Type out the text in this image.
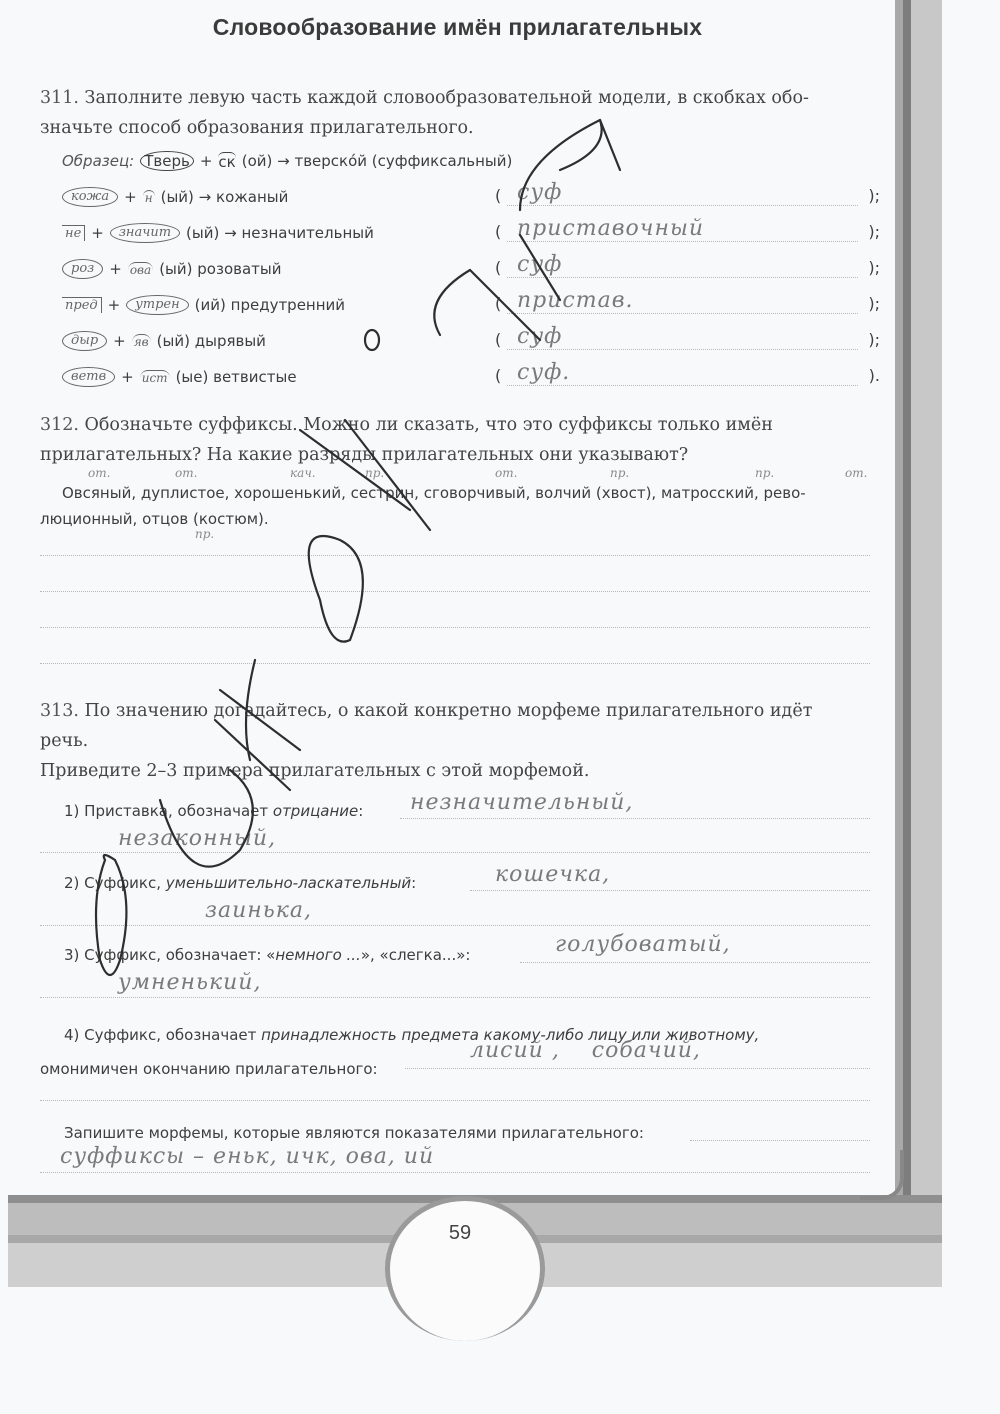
59
Словообразование имён прилагательных
311. Заполните левую часть каждой словообразовательной модели, в скобках обо-
значьте способ образования прилагательного.
Образец: Тверь + ск (ой) → тверско́й (суффиксальный)
кожа	+ н (ый) → кожаный	( суф	);
не +	значит	(ый) → незначительный	( приставочный	);
роз	+ ова (ый) розоватый	( суф	);
пред +	утрен	(ий) предутренний	( пристав.	);
дыр	+ яв (ый) дырявый	( суф	);
ветв	+ ист (ые) ветвистые	( суф.	).
312. Обозначьте суффиксы. Можно ли сказать, что это суффиксы только имён
прилагательных? На какие разряды прилагательных они указывают?
от.	от.	кач.	пр.	от.	пр.	пр.	от.
Овсяный, дуплистое, хорошенький, сестрин, сговорчивый, волчий (хвост), матросский, рево-
люционный, отцов (костюм).
пр.
313. По значению догадайтесь, о какой конкретно морфеме прилагательного идёт
речь.
Приведите 2–3 примера прилагательных с этой морфемой.
1) Приставка, обозначает отрицание: незначительный,
незаконный,
2) Суффикс, уменьшительно-ласкательный:	кошечка,
заинька,
3) Суффикс, обозначает: «немного ...», «слегка...»:	голубоватый,
умненький,
4) Суффикс, обозначает принадлежность предмета какому-либо лицу или животному,
омонимичен окончанию прилагательного:
лисий ,    собачий,
Запишите морфемы, которые являются показателями прилагательного:
суффиксы – еньк, ичк, ова, ий
